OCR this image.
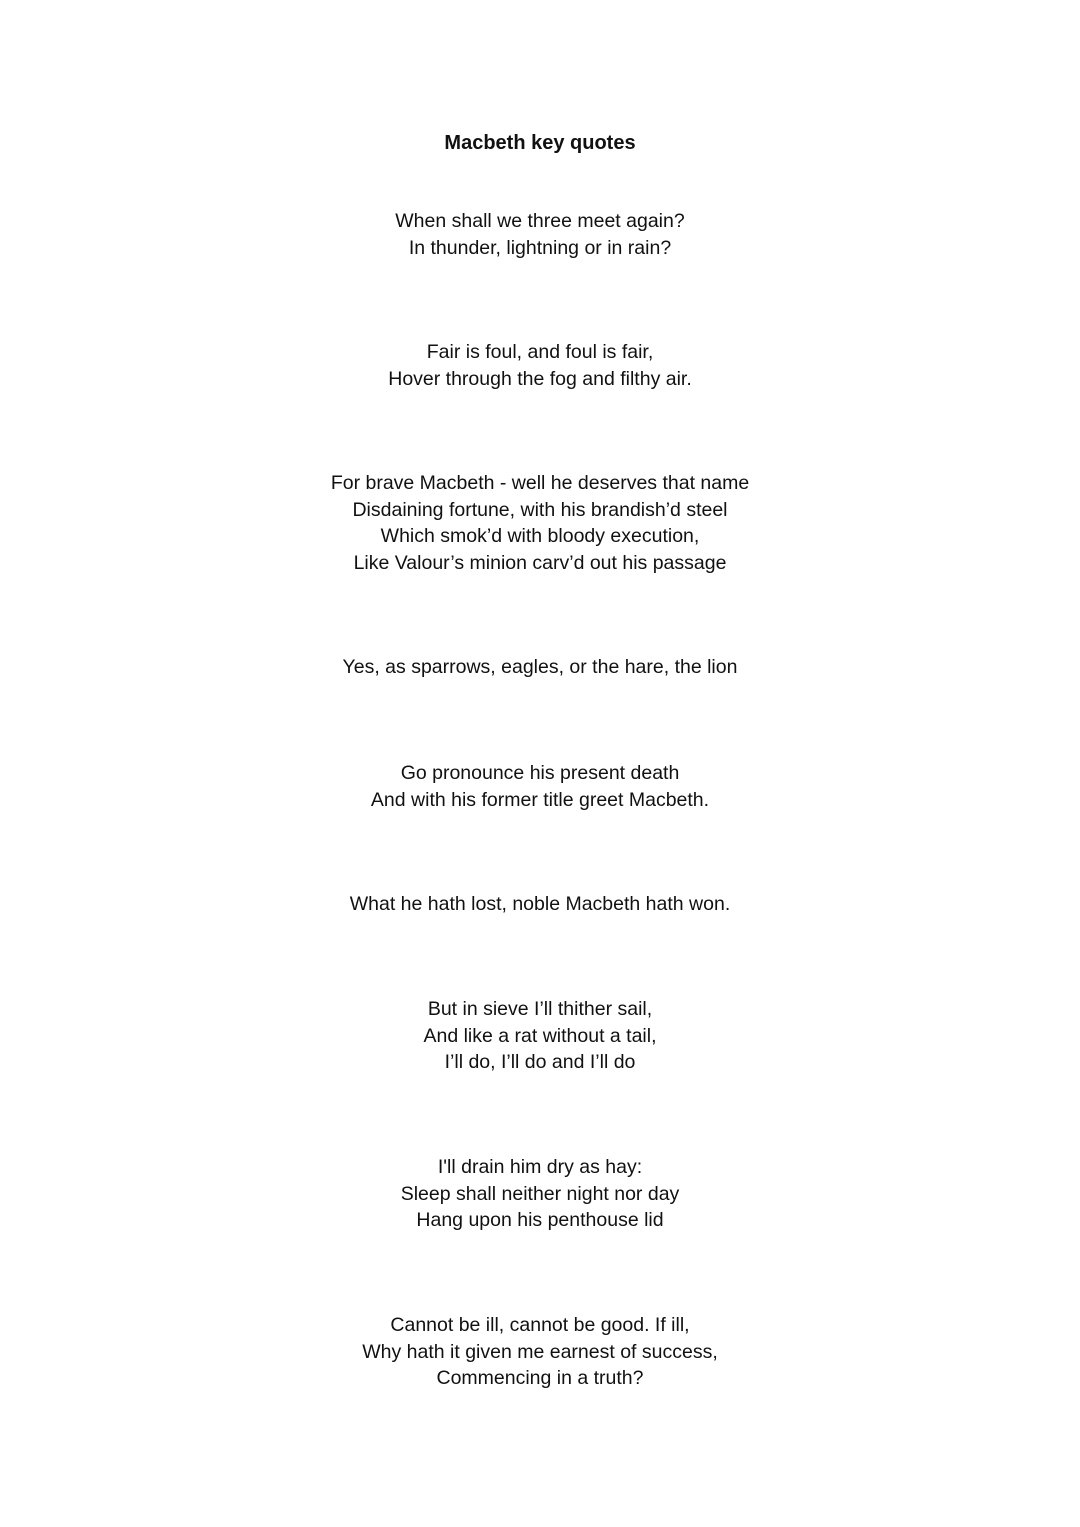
Macbeth key quotes
When shall we three meet again?
In thunder, lightning or in rain?
Fair is foul, and foul is fair,
Hover through the fog and filthy air.
For brave Macbeth - well he deserves that name
Disdaining fortune, with his brandish’d steel
Which smok’d with bloody execution,
Like Valour’s minion carv’d out his passage
Yes, as sparrows, eagles, or the hare, the lion
Go pronounce his present death
And with his former title greet Macbeth.
What he hath lost, noble Macbeth hath won.
But in sieve I’ll thither sail,
And like a rat without a tail,
I’ll do, I’ll do and I’ll do
I'll drain him dry as hay:
Sleep shall neither night nor day
Hang upon his penthouse lid
Cannot be ill, cannot be good. If ill,
Why hath it given me earnest of success,
Commencing in a truth?
